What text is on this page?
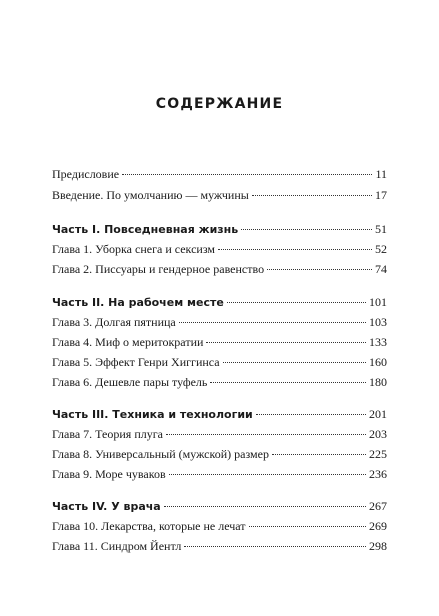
СОДЕРЖАНИЕ
Предисловие	11
Введение. По умолчанию — мужчины	17
Часть I. Повседневная жизнь	51
Глава 1. Уборка снега и сексизм	52
Глава 2. Писсуары и гендерное равенство	74
Часть II. На рабочем месте	101
Глава 3. Долгая пятница	103
Глава 4. Миф о меритократии	133
Глава 5. Эффект Генри Хиггинса	160
Глава 6. Дешевле пары туфель	180
Часть III. Техника и технологии	201
Глава 7. Теория плуга	203
Глава 8. Универсальный (мужской) размер	225
Глава 9. Море чуваков	236
Часть IV. У врача	267
Глава 10. Лекарства, которые не лечат	269
Глава 11. Синдром Йентл	298
